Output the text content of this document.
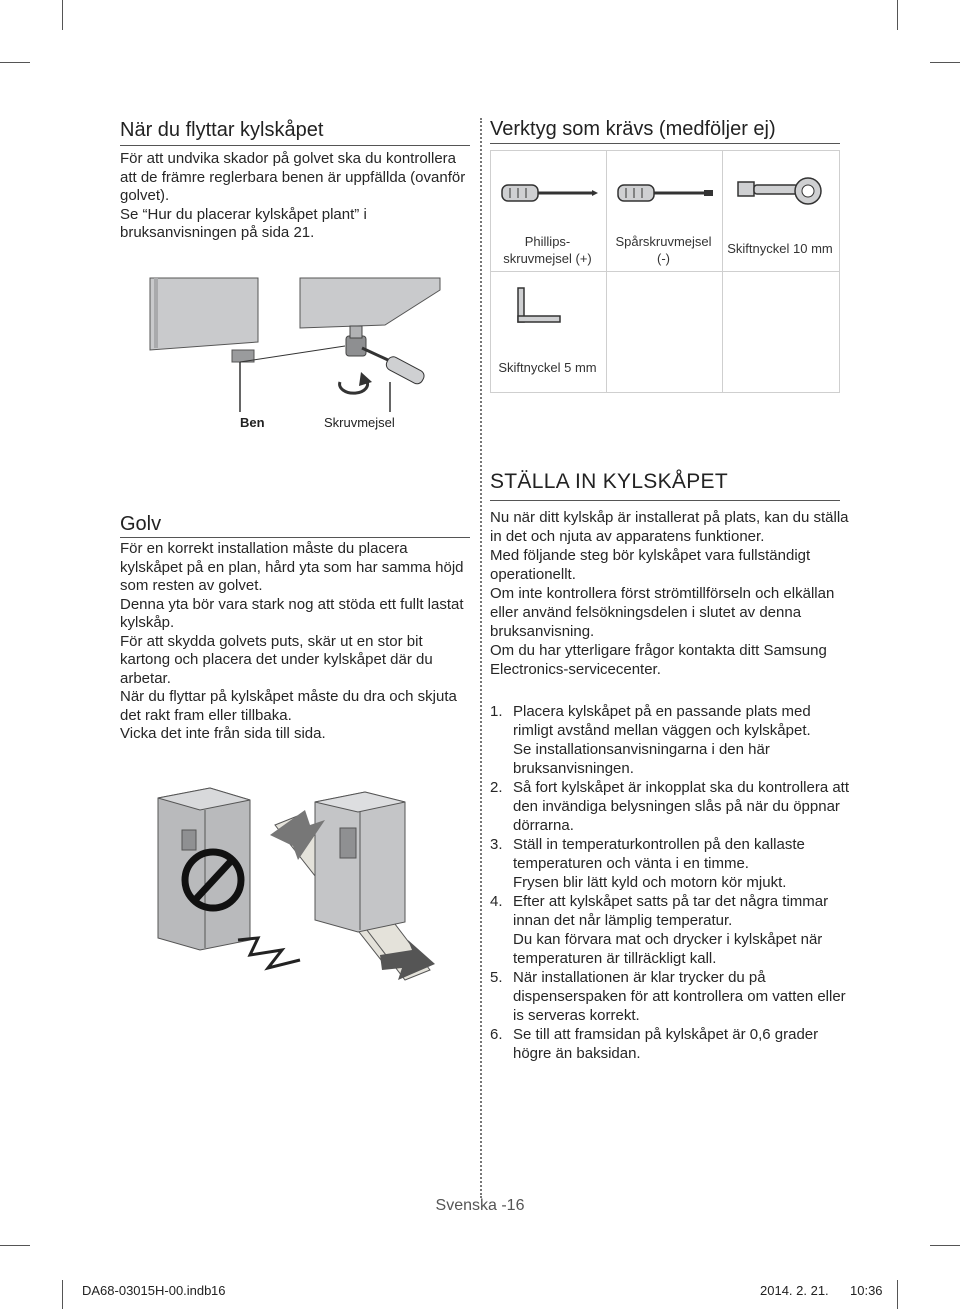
När du flyttar kylskåpet

För att undvika skador på golvet ska du kontrollera att de främre reglerbara benen är uppfällda (ovanför golvet).

Se “Hur du placerar kylskåpet plant” i bruksanvisningen på sida 21.

Ben	Skruvmejsel
Golv

För en korrekt installation måste du placera kylskåpet på en plan, hård yta som har samma höjd som resten av golvet.

Denna yta bör vara stark nog att stöda ett fullt lastat kylskåp.

För att skydda golvets puts, skär ut en stor bit kartong och placera det under kylskåpet där du arbetar.

När du flyttar på kylskåpet måste du dra och skjuta det rakt fram eller tillbaka.

Vicka det inte från sida till sida.

Verktyg som krävs (medföljer ej)
Phillips-
skruvmejsel (+)
Spårskruvmejsel
(-)
Skiftnyckel 10 mm
Skiftnyckel 5 mm
STÄLLA IN KYLSKÅPET

Nu när ditt kylskåp är installerat på plats, kan du ställa in det och njuta av apparatens funktioner.

Med följande steg bör kylskåpet vara fullständigt operationellt.

Om inte kontrollera först strömtillförseln och elkällan eller använd felsökningsdelen i slutet av denna bruksanvisning.

Om du har ytterligare frågor kontakta ditt Samsung Electronics-servicecenter.

1. Placera kylskåpet på en passande plats med rimligt avstånd mellan väggen och kylskåpet.
Se installationsanvisningarna i den här bruksanvisningen.
2. Så fort kylskåpet är inkopplat ska du kontrollera att den invändiga belysningen slås på när du öppnar dörrarna.
3. Ställ in temperaturkontrollen på den kallaste temperaturen och vänta i en timme.
Frysen blir lätt kyld och motorn kör mjukt.
4. Efter att kylskåpet satts på tar det några timmar innan det når lämplig temperatur.
Du kan förvara mat och drycker i kylskåpet när temperaturen är tillräckligt kall.
5. När installationen är klar trycker du på dispenserspaken för att kontrollera om vatten eller is serveras korrekt.
6. Se till att framsidan på kylskåpet är 0,6 grader högre än baksidan.
Svenska -16
DA68-03015H-00.indb 16	2014. 2. 21. 10:36
